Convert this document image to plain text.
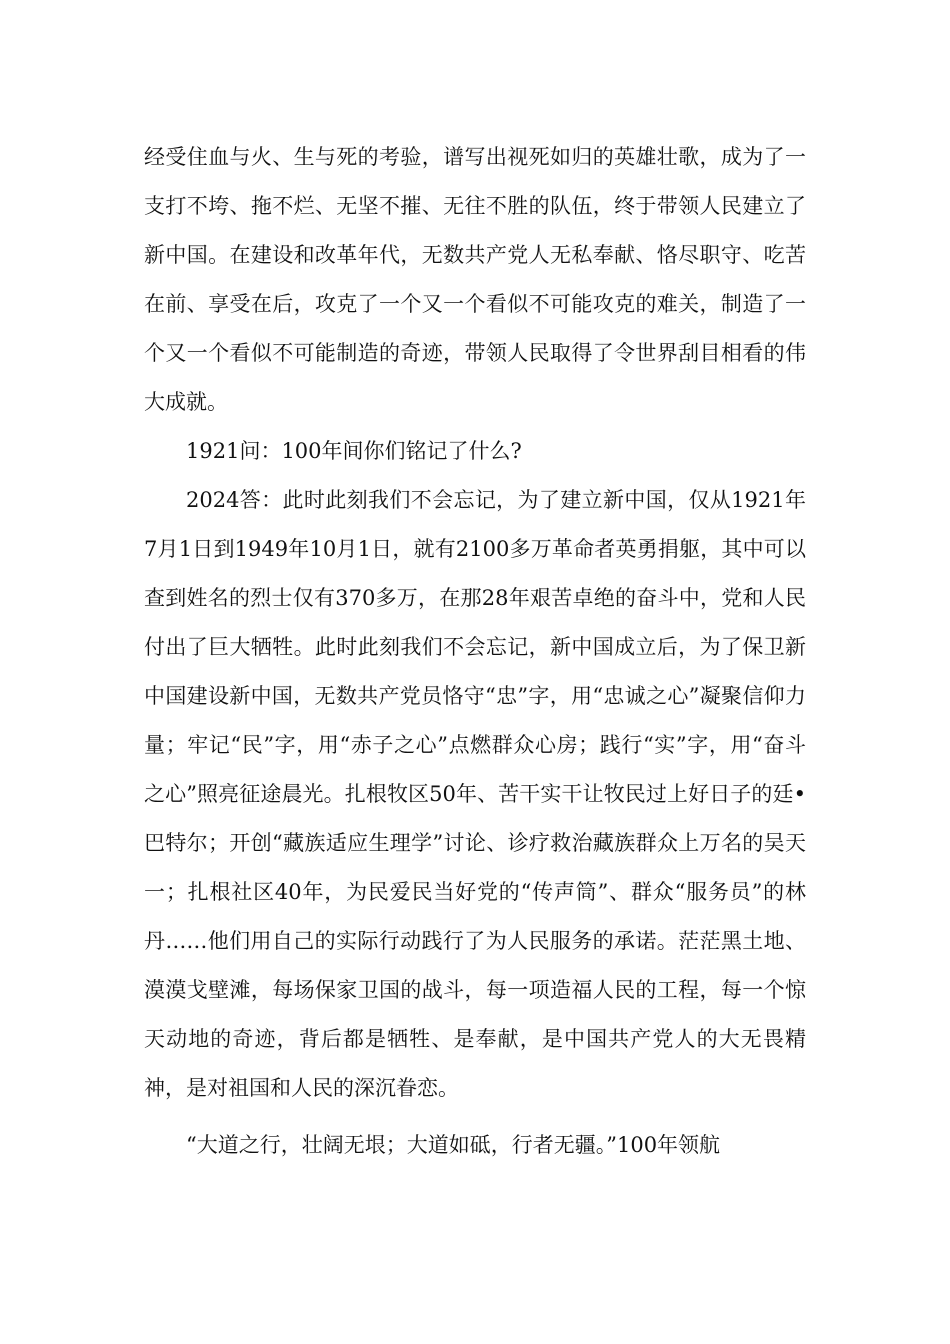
经受住血与火、生与死的考验，谱写出视死如归的英雄壮歌，成为了一支打不垮、拖不烂、无坚不摧、无往不胜的队伍，终于带领人民建立了新中国。在建设和改革年代，无数共产党人无私奉献、恪尽职守、吃苦在前、享受在后，攻克了一个又一个看似不可能攻克的难关，制造了一个又一个看似不可能制造的奇迹，带领人民取得了令世界刮目相看的伟大成就。

1921问：100年间你们铭记了什么?

2024答：此时此刻我们不会忘记，为了建立新中国，仅从1921年7月1日到1949年10月1日，就有2100多万革命者英勇捐躯，其中可以查到姓名的烈士仅有370多万，在那28年艰苦卓绝的奋斗中，党和人民付出了巨大牺牲。此时此刻我们不会忘记，新中国成立后，为了保卫新中国建设新中国，无数共产党员恪守“忠”字，用“忠诚之心”凝聚信仰力量；牢记“民”字，用“赤子之心”点燃群众心房；践行“实”字，用“奋斗之心”照亮征途晨光。扎根牧区50年、苦干实干让牧民过上好日子的廷•巴特尔；开创“藏族适应生理学”讨论、诊疗救治藏族群众上万名的吴天一；扎根社区40年，为民爱民当好党的“传声筒”、群众“服务员”的林丹……他们用自己的实际行动践行了为人民服务的承诺。茫茫黑土地、漠漠戈壁滩，每场保家卫国的战斗，每一项造福人民的工程，每一个惊天动地的奇迹，背后都是牺牲、是奉献，是中国共产党人的大无畏精神，是对祖国和人民的深沉眷恋。

“大道之行，壮阔无垠；大道如砥，行者无疆。”100年领航
